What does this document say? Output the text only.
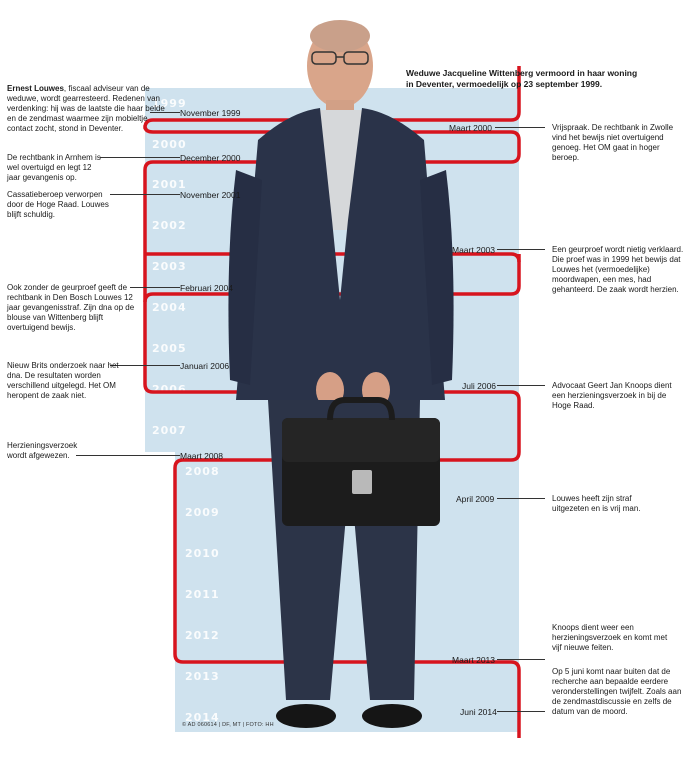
1999
2000
2001
2002
2003
2004
2005
2006
2007
2008
2009
2010
2011
2012
2013
2014
Weduwe Jacqueline Wittenberg vermoord in haar woning in Deventer, vermoedelijk op 23 september 1999.
November 1999
Maart 2000
December 2000
November 2001
Maart 2003
Februari 2004
Januari 2006
Juli 2006
Maart 2008
April 2009
Maart 2013
Juni 2014
Ernest Louwes, fiscaal adviseur van de weduwe, wordt gearresteerd. Redenen van verdenking: hij was de laatste die haar belde en de zendmast waarmee zijn mobieltje contact zocht, stond in Deventer.
De rechtbank in Arnhem is wel overtuigd en legt 12 jaar gevangenis op.
Cassatieberoep verworpen door de Hoge Raad. Louwes blijft schuldig.
Ook zonder de geurproef geeft de rechtbank in Den Bosch Louwes 12 jaar gevangenisstraf. Zijn dna op de blouse van Wittenberg blijft overtuigend bewijs.
Nieuw Brits onderzoek naar het dna. De resultaten worden verschillend uitgelegd. Het OM heropent de zaak niet.
Herzieningsverzoek wordt afgewezen.
Vrijspraak. De rechtbank in Zwolle vind het bewijs niet overtuigend genoeg. Het OM gaat in hoger beroep.
Een geurproef wordt nietig verklaard. Die proef was in 1999 het bewijs dat Louwes het (vermoedelijke) moordwapen, een mes, had gehanteerd. De zaak wordt herzien.
Advocaat Geert Jan Knoops dient een herzieningsverzoek in bij de Hoge Raad.
Louwes heeft zijn straf uitgezeten en is vrij man.
Knoops dient weer een herzieningsverzoek en komt met vijf nieuwe feiten.
Op 5 juni komt naar buiten dat de recherche aan bepaalde eerdere veronderstellingen twijfelt. Zoals aan de zendmastdiscussie en zelfs de datum van de moord.
© AD 060614 | DF, MT | FOTO: HH
